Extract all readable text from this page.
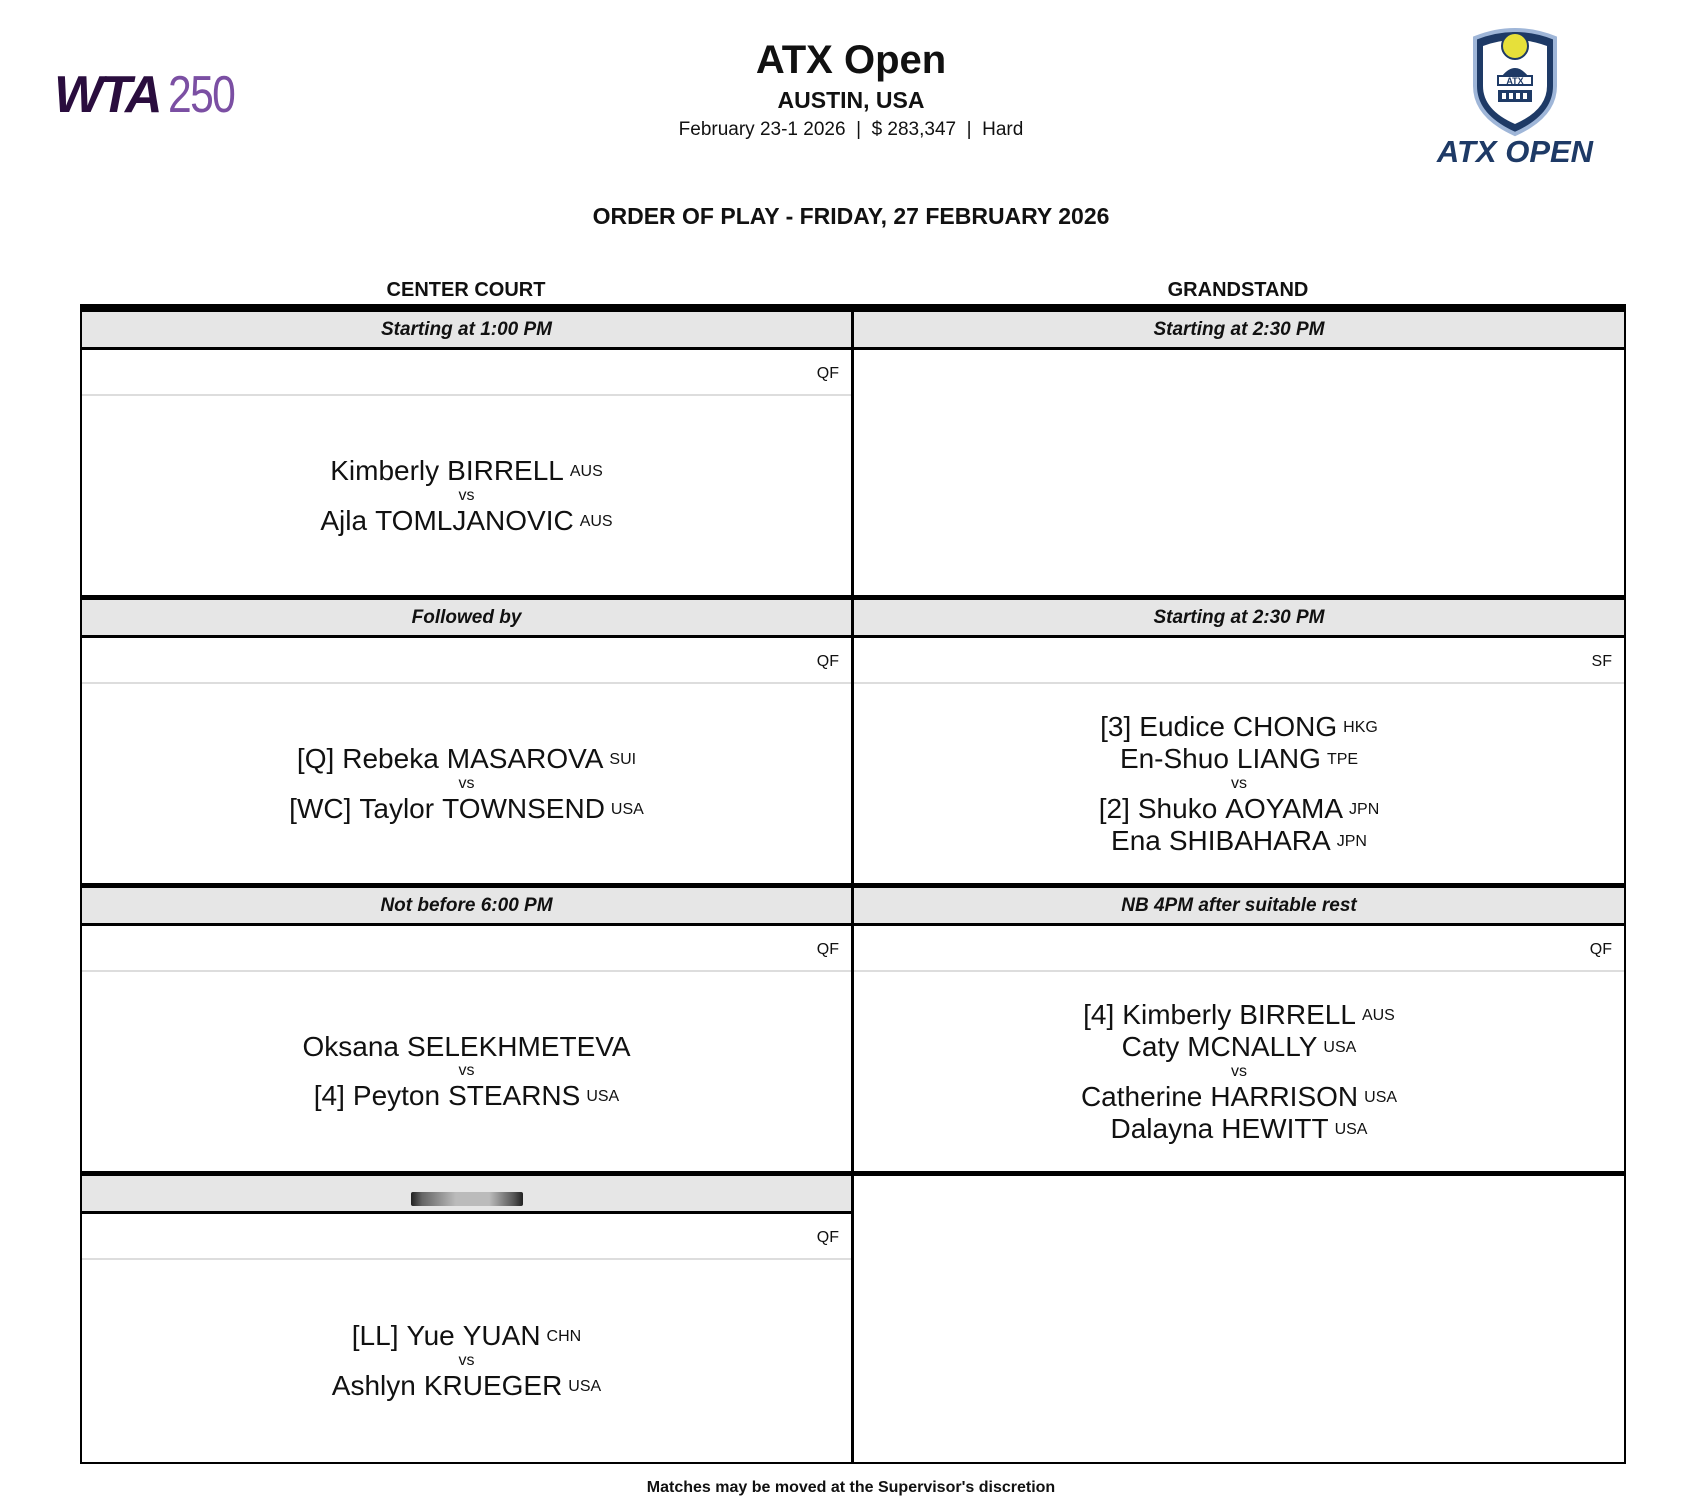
WTA 250
ATX Open
AUSTIN, USA
February 23-1 2026  |  $ 283,347  |  Hard
ATX
ATX OPEN
ORDER OF PLAY - FRIDAY, 27 FEBRUARY 2026
CENTER COURT	GRANDSTAND
Starting at 1:00 PM
QF
Kimberly BIRRELL AUS
vs
Ajla TOMLJANOVIC AUS
Followed by
QF
[Q] Rebeka MASAROVA SUI
vs
[WC] Taylor TOWNSEND USA
Not before 6:00 PM
QF
Oksana SELEKHMETEVA
vs
[4] Peyton STEARNS USA
QF
[LL] Yue YUAN CHN
vs
Ashlyn KRUEGER USA
Starting at 2:30 PM
Starting at 2:30 PM
SF
[3] Eudice CHONG HKG
En-Shuo LIANG TPE
vs
[2] Shuko AOYAMA JPN
Ena SHIBAHARA JPN
NB 4PM after suitable rest
QF
[4] Kimberly BIRRELL AUS
Caty MCNALLY USA
vs
Catherine HARRISON USA
Dalayna HEWITT USA
Matches may be moved at the Supervisor's discretion
